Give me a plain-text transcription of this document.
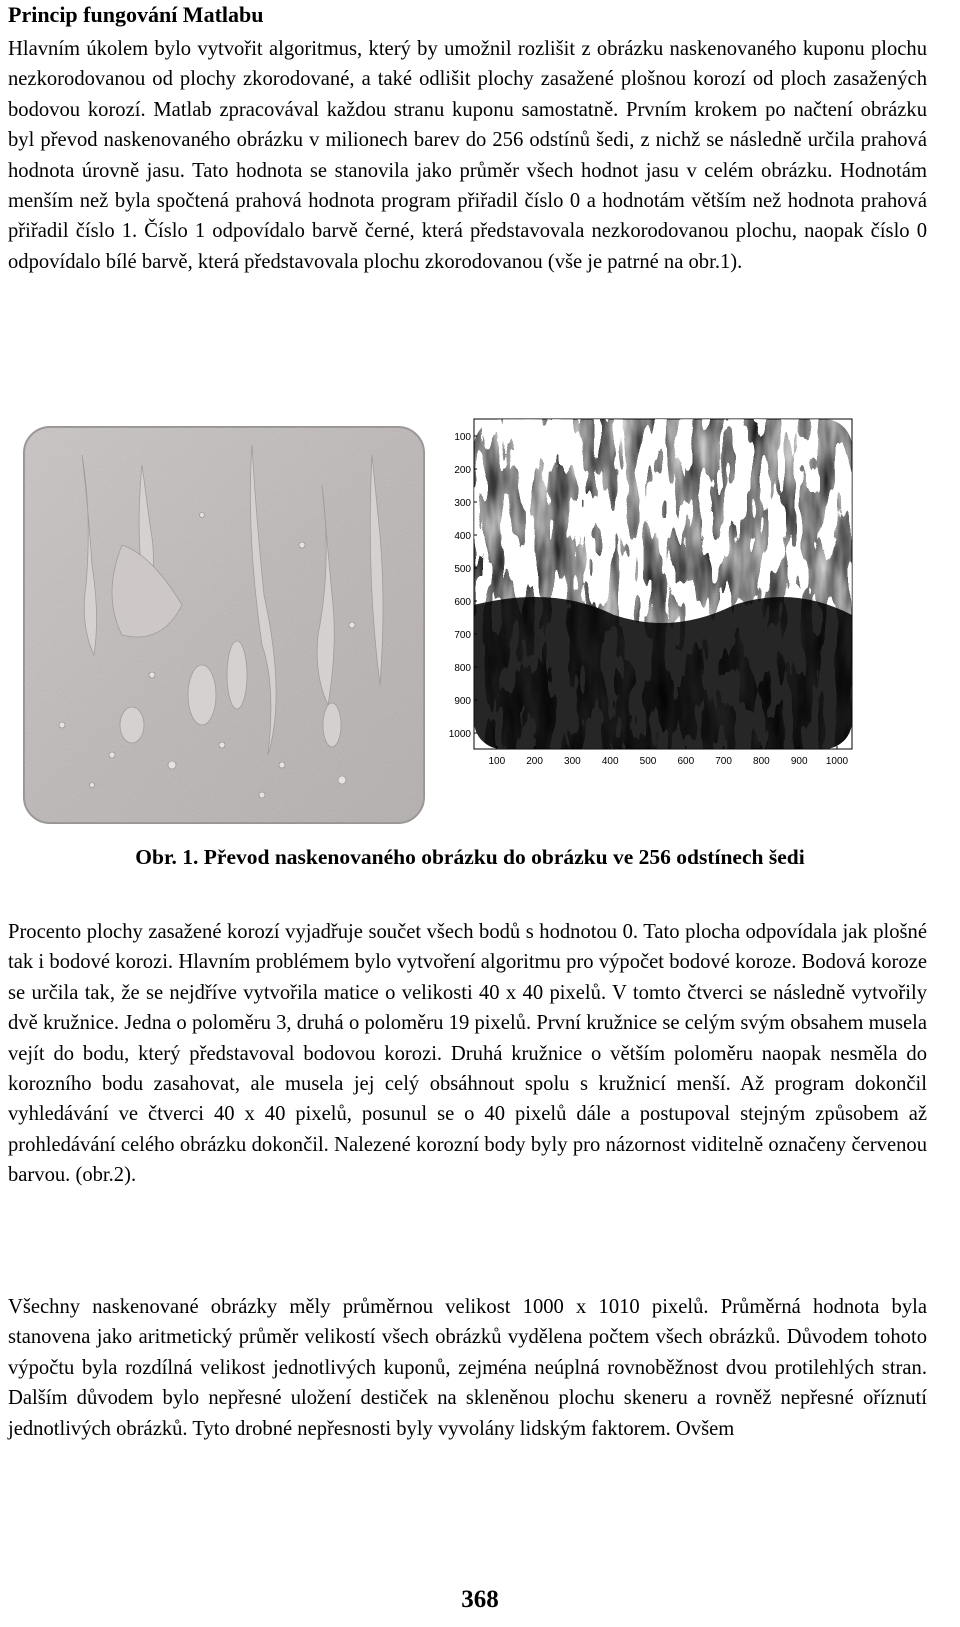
Princip fungování Matlabu

Hlavním úkolem bylo vytvořit algoritmus, který by umožnil rozlišit z obrázku naskenovaného kuponu plochu nezkorodovanou od plochy zkorodované, a také odlišit plochy zasažené plošnou korozí od ploch zasažených bodovou korozí. Matlab zpracovával každou stranu kuponu samostatně. Prvním krokem po načtení obrázku byl převod naskenovaného obrázku v milionech barev do 256 odstínů šedi, z nichž se následně určila prahová hodnota úrovně jasu. Tato hodnota se stanovila jako průměr všech hodnot jasu v celém obrázku. Hodnotám menším než byla spočtená prahová hodnota program přiřadil číslo 0 a hodnotám větším než hodnota prahová přiřadil číslo 1. Číslo 1 odpovídalo barvě černé, která představovala nezkorodovanou plochu, naopak číslo 0 odpovídalo bílé barvě, která představovala plochu zkorodovanou (vše je patrné na obr.1).

100
200
300
400
500
600
700
800
900
1000
100 200 300 400 500 600 700 800 900 1000

Obr. 1. Převod naskenovaného obrázku do obrázku ve 256 odstínech šedi

Procento plochy zasažené korozí vyjadřuje součet všech bodů s hodnotou 0. Tato plocha odpovídala jak plošné tak i bodové korozi. Hlavním problémem bylo vytvoření algoritmu pro výpočet bodové koroze. Bodová koroze se určila tak, že se nejdříve vytvořila matice o velikosti 40 x 40 pixelů. V tomto čtverci se následně vytvořily dvě kružnice. Jedna o poloměru 3, druhá o poloměru 19 pixelů. První kružnice se celým svým obsahem musela vejít do bodu, který představoval bodovou korozi. Druhá kružnice o větším poloměru naopak nesměla do korozního bodu zasahovat, ale musela jej celý obsáhnout spolu s kružnicí menší. Až program dokončil vyhledávání ve čtverci 40 x 40 pixelů, posunul se o 40 pixelů dále a postupoval stejným způsobem až prohledávání celého obrázku dokončil. Nalezené korozní body byly pro názornost viditelně označeny červenou barvou. (obr.2).

Všechny naskenované obrázky měly průměrnou velikost 1000 x 1010 pixelů. Průměrná hodnota byla stanovena jako aritmetický průměr velikostí všech obrázků vydělena počtem všech obrázků. Důvodem tohoto výpočtu byla rozdílná velikost jednotlivých kuponů, zejména neúplná rovnoběžnost dvou protilehlých stran. Dalším důvodem bylo nepřesné uložení destiček na skleněnou plochu skeneru a rovněž nepřesné oříznutí jednotlivých obrázků. Tyto drobné nepřesnosti byly vyvolány lidským faktorem. Ovšem

368
